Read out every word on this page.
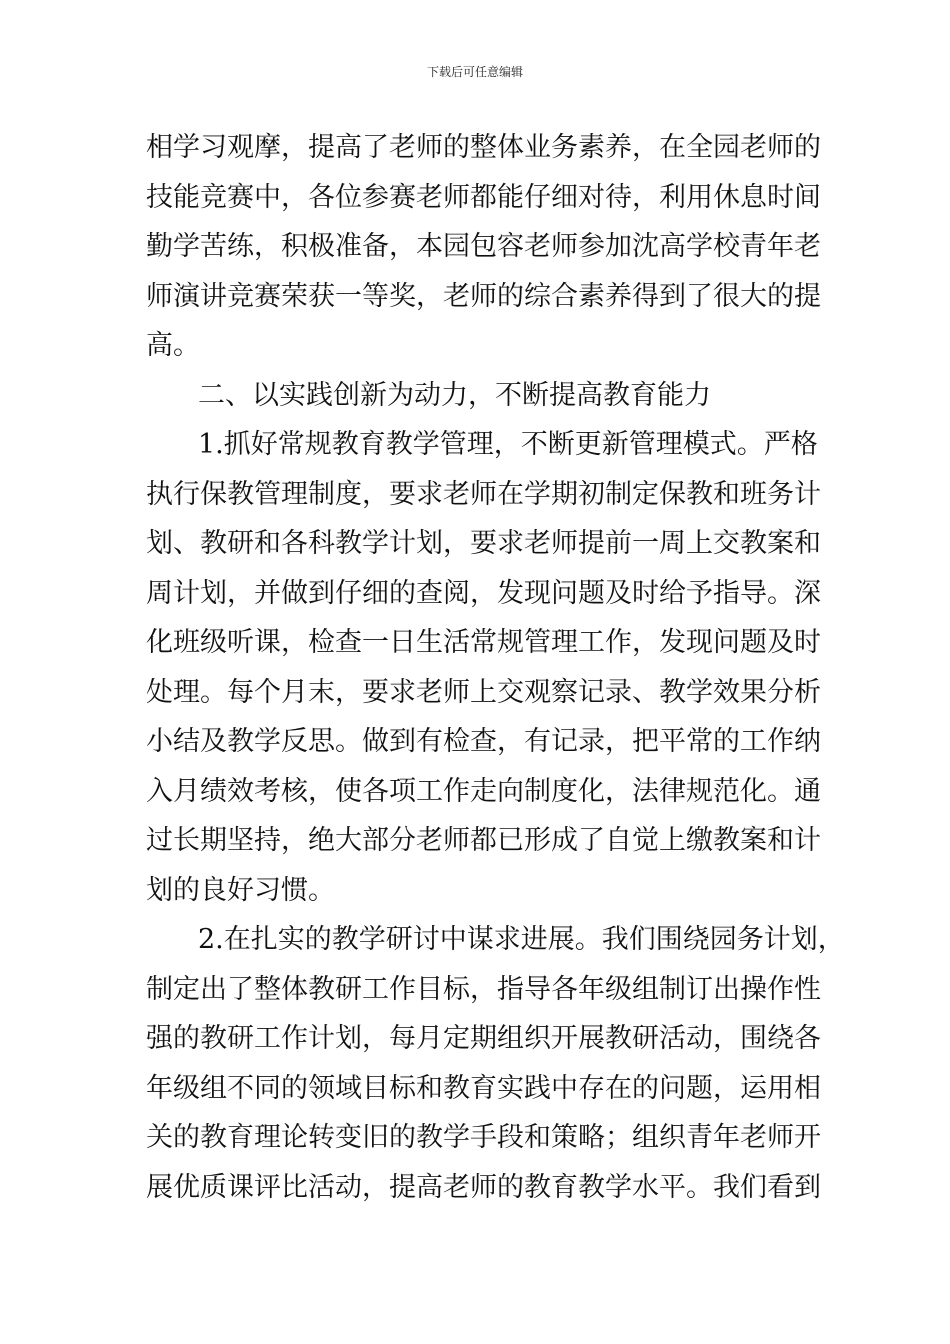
下载后可任意编辑
相学习观摩，提高了老师的整体业务素养，在全园老师的
技能竞赛中，各位参赛老师都能仔细对待，利用休息时间
勤学苦练，积极准备，本园包容老师参加沈高学校青年老
师演讲竞赛荣获一等奖，老师的综合素养得到了很大的提
高。
二、以实践创新为动力，不断提高教育能力
1.抓好常规教育教学管理，不断更新管理模式。严格
执行保教管理制度，要求老师在学期初制定保教和班务计
划、教研和各科教学计划，要求老师提前一周上交教案和
周计划，并做到仔细的查阅，发现问题及时给予指导。深
化班级听课，检查一日生活常规管理工作，发现问题及时
处理。每个月末，要求老师上交观察记录、教学效果分析
小结及教学反思。做到有检查，有记录，把平常的工作纳
入月绩效考核，使各项工作走向制度化，法律规范化。通
过长期坚持，绝大部分老师都已形成了自觉上缴教案和计
划的良好习惯。
2.在扎实的教学研讨中谋求进展。我们围绕园务计划，
制定出了整体教研工作目标，指导各年级组制订出操作性
强的教研工作计划，每月定期组织开展教研活动，围绕各
年级组不同的领域目标和教育实践中存在的问题，运用相
关的教育理论转变旧的教学手段和策略；组织青年老师开
展优质课评比活动，提高老师的教育教学水平。我们看到
